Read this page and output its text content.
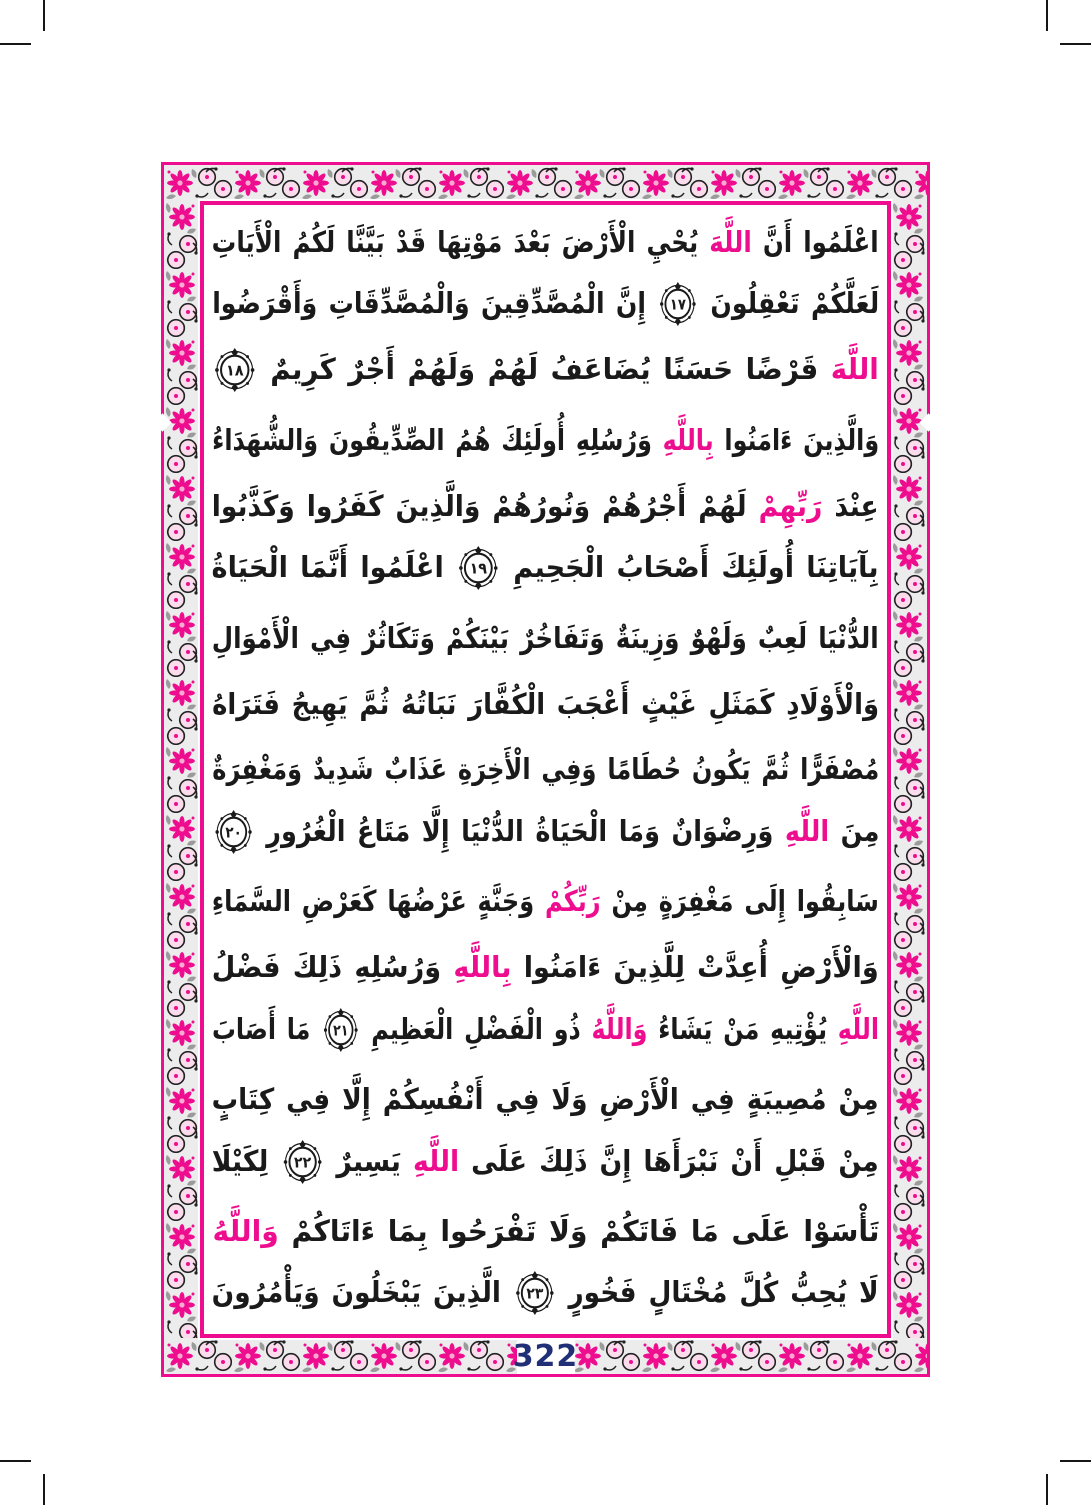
322
اعْلَمُوا أَنَّ اللَّهَ يُحْيِ الْأَرْضَ بَعْدَ مَوْتِهَا قَدْ بَيَّنَّا لَكُمُ الْأَيَاتِ
لَعَلَّكُمْ تَعْقِلُونَ
١٧
إِنَّ الْمُصَّدِّقِينَ وَالْمُصَّدِّقَاتِ وَأَقْرَضُوا
اللَّهَ قَرْضًا حَسَنًا يُضَاعَفُ لَهُمْ وَلَهُمْ أَجْرٌ كَرِيمٌ
١٨
وَالَّذِينَ ءَامَنُوا بِاللَّهِ وَرُسُلِهِ أُولَئِكَ هُمُ الصِّدِّيقُونَ وَالشُّهَدَاءُ
عِنْدَ رَبِّهِمْ لَهُمْ أَجْرُهُمْ وَنُورُهُمْ وَالَّذِينَ كَفَرُوا وَكَذَّبُوا
بِآيَاتِنَا أُولَئِكَ أَصْحَابُ الْجَحِيمِ
١٩
اعْلَمُوا أَنَّمَا الْحَيَاةُ
الدُّنْيَا لَعِبٌ وَلَهْوٌ وَزِينَةٌ وَتَفَاخُرٌ بَيْنَكُمْ وَتَكَاثُرٌ فِي الْأَمْوَالِ
وَالْأَوْلَادِ كَمَثَلِ غَيْثٍ أَعْجَبَ الْكُفَّارَ نَبَاتُهُ ثُمَّ يَهِيجُ فَتَرَاهُ
مُصْفَرًّا ثُمَّ يَكُونُ حُطَامًا وَفِي الْأَخِرَةِ عَذَابٌ شَدِيدٌ وَمَغْفِرَةٌ
مِنَ اللَّهِ وَرِضْوَانٌ وَمَا الْحَيَاةُ الدُّنْيَا إِلَّا مَتَاعُ الْغُرُورِ
٢٠
سَابِقُوا إِلَى مَغْفِرَةٍ مِنْ رَبِّكُمْ وَجَنَّةٍ عَرْضُهَا كَعَرْضِ السَّمَاءِ
وَالْأَرْضِ أُعِدَّتْ لِلَّذِينَ ءَامَنُوا بِاللَّهِ وَرُسُلِهِ ذَلِكَ فَضْلُ
اللَّهِ يُؤْتِيهِ مَنْ يَشَاءُ وَاللَّهُ ذُو الْفَضْلِ الْعَظِيمِ
٢١
مَا أَصَابَ
مِنْ مُصِيبَةٍ فِي الْأَرْضِ وَلَا فِي أَنْفُسِكُمْ إِلَّا فِي كِتَابٍ
مِنْ قَبْلِ أَنْ نَبْرَأَهَا إِنَّ ذَلِكَ عَلَى اللَّهِ يَسِيرٌ
٢٢
لِكَيْلَا
تَأْسَوْا عَلَى مَا فَاتَكُمْ وَلَا تَفْرَحُوا بِمَا ءَاتَاكُمْ وَاللَّهُ
لَا يُحِبُّ كُلَّ مُخْتَالٍ فَخُورٍ
٢٣
الَّذِينَ يَبْخَلُونَ وَيَأْمُرُونَ
